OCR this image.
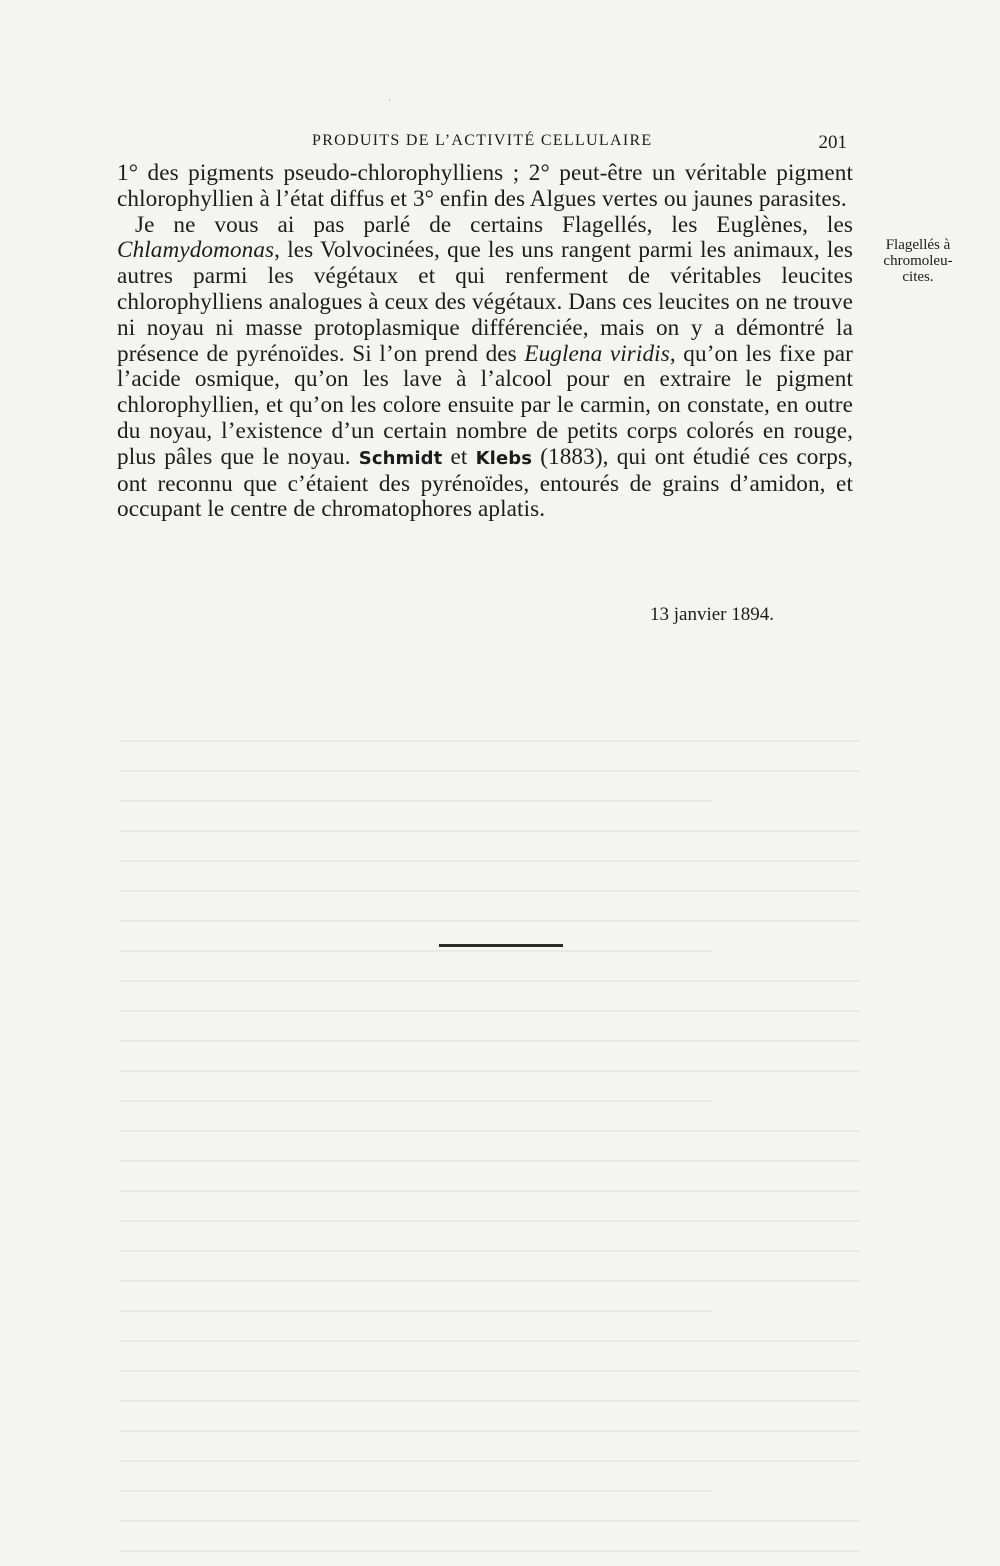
·
PRODUITS DE L’ACTIVITÉ CELLULAIRE	201

1° des pigments pseudo-chlorophylliens ; 2° peut-être un véritable pigment chlorophyllien à l’état diffus et 3° enfin des Algues vertes ou jaunes parasites.

Je ne vous ai pas parlé de certains Flagellés, les Euglènes, les Chlamydomonas, les Volvocinées, que les uns rangent parmi les animaux, les autres parmi les végétaux et qui renferment de véritables leucites chlorophylliens analogues à ceux des végétaux. Dans ces leucites on ne trouve ni noyau ni masse protoplasmique différenciée, mais on y a démontré la présence de pyrénoïdes. Si l’on prend des Euglena viridis, qu’on les fixe par l’acide osmique, qu’on les lave à l’alcool pour en extraire le pigment chlorophyllien, et qu’on les colore ensuite par le carmin, on constate, en outre du noyau, l’existence d’un certain nombre de petits corps colorés en rouge, plus pâles que le noyau. Schmidt et Klebs (1883), qui ont étudié ces corps, ont reconnu que c’étaient des pyrénoïdes, entourés de grains d’amidon, et occupant le centre de chromatophores aplatis.

Flagellés à
chromoleu-
cites.
13 janvier 1894.
